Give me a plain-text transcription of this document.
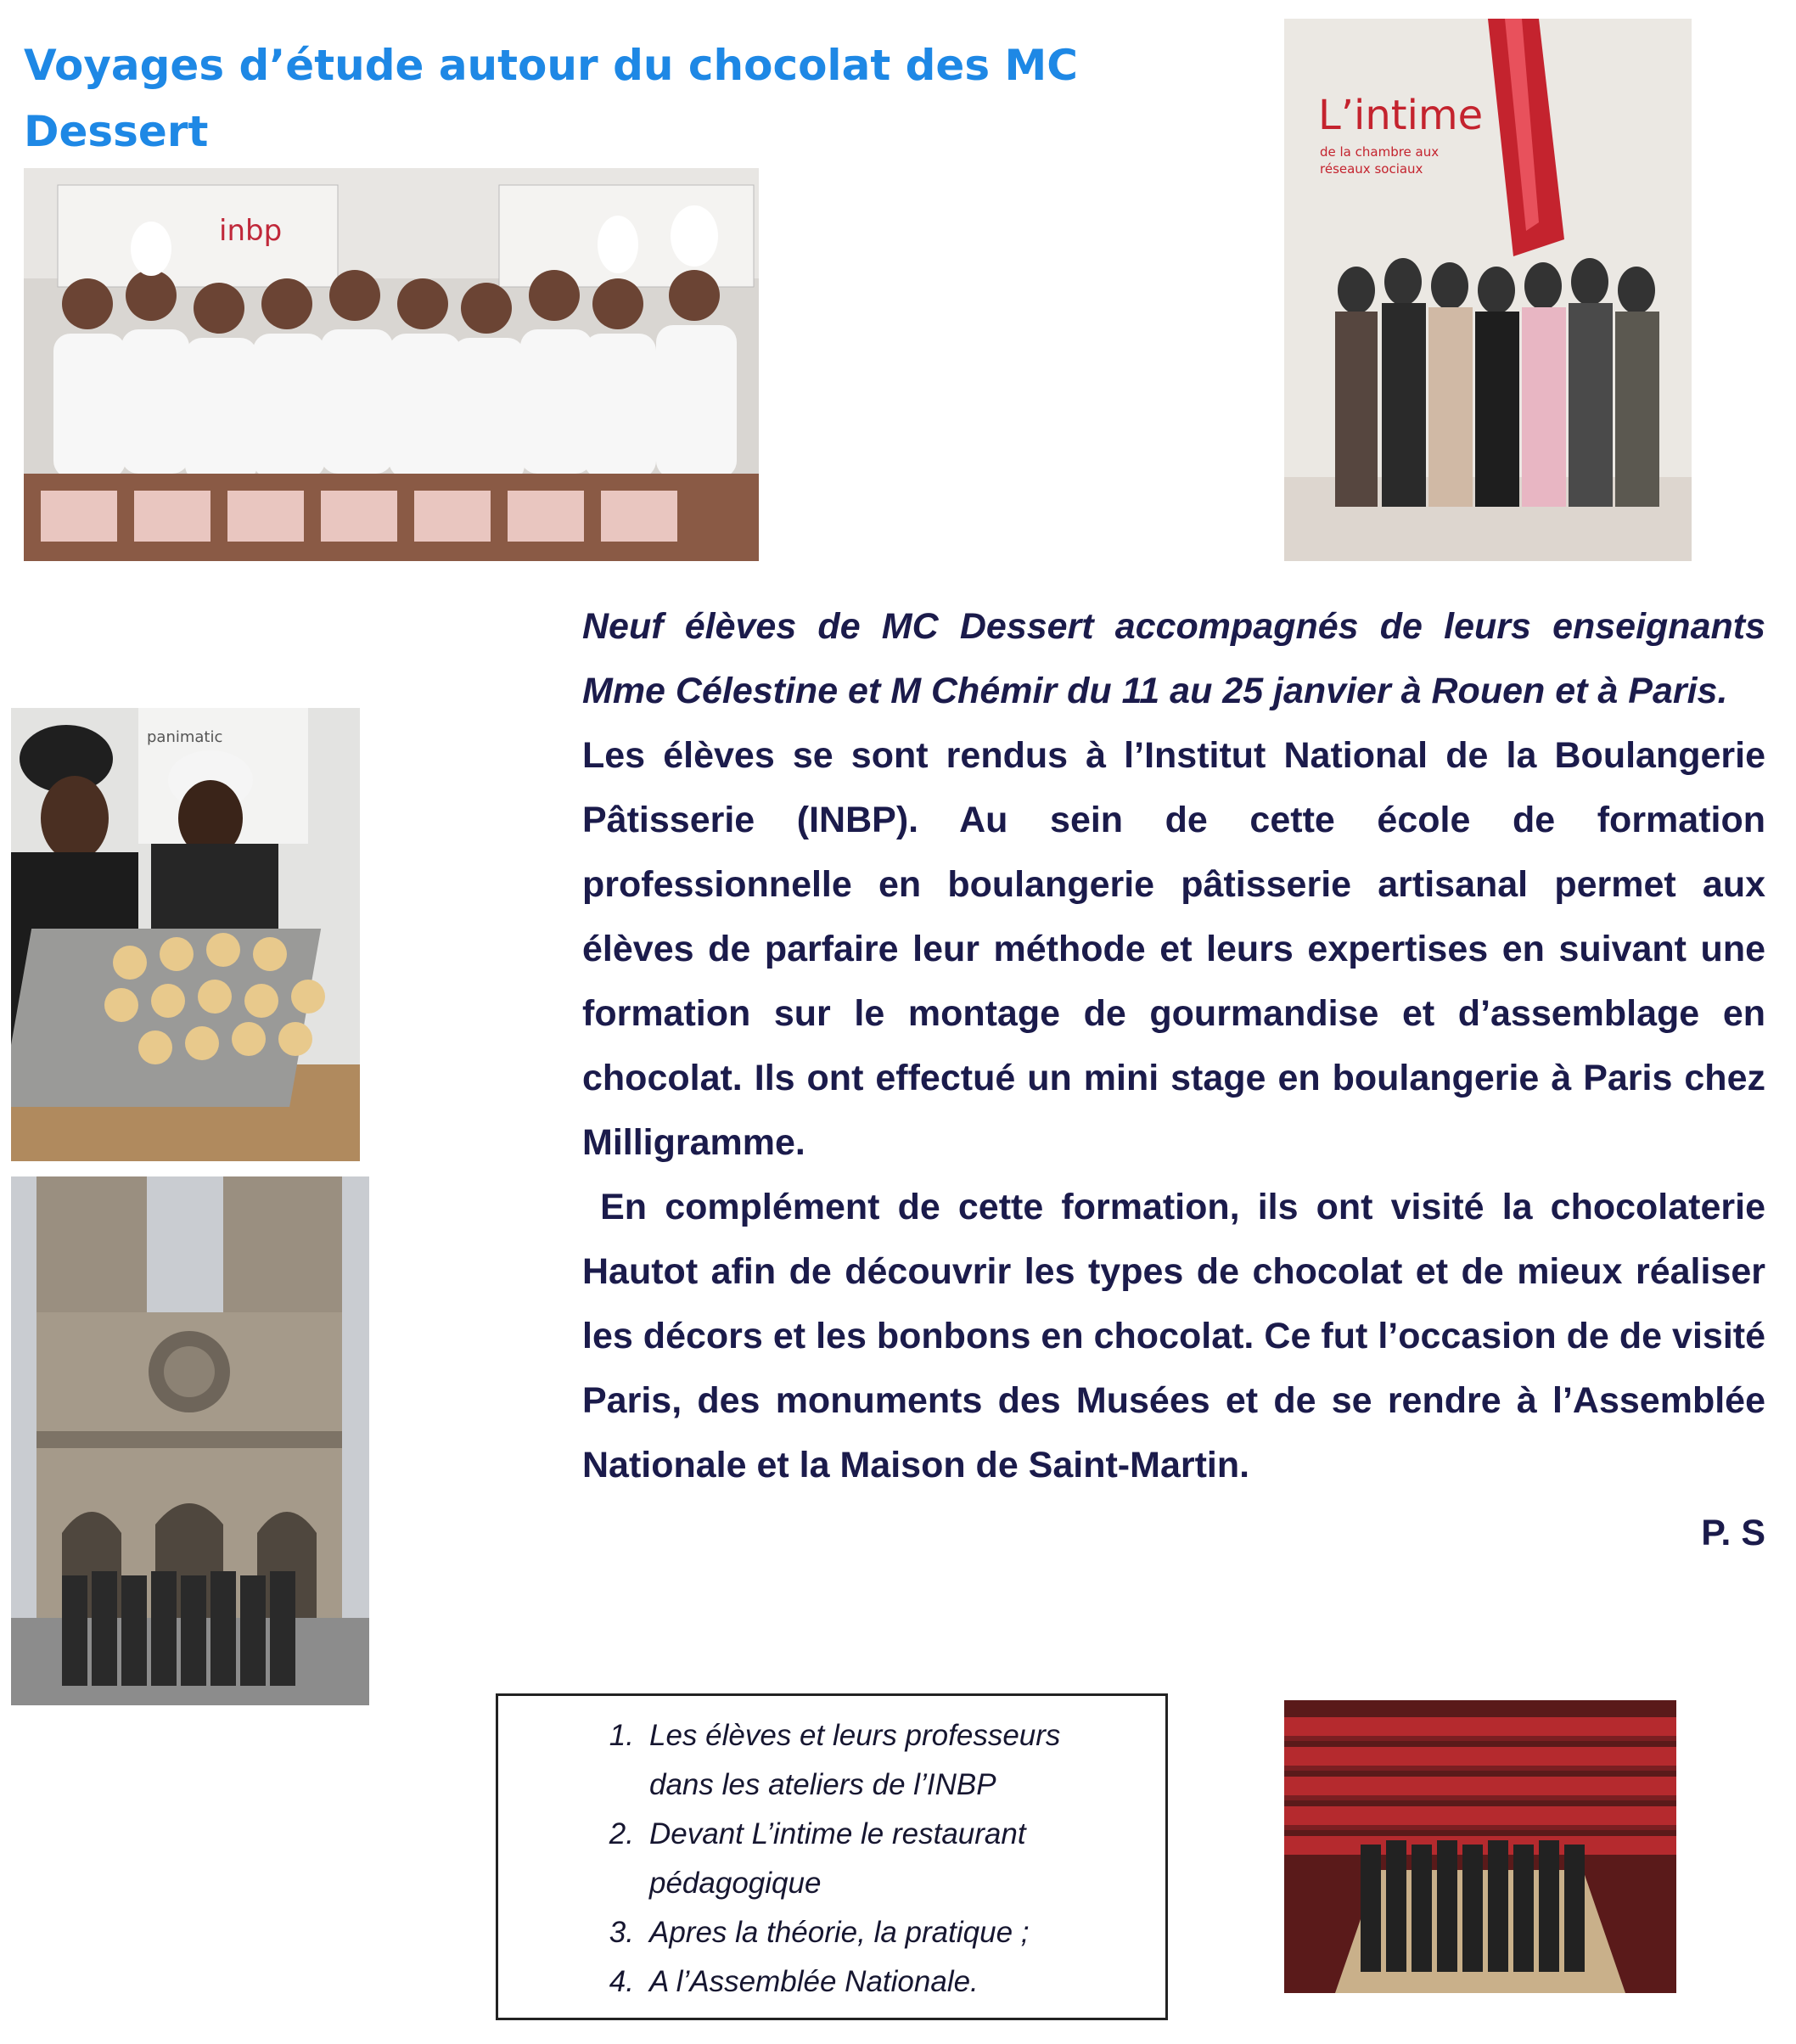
Voyages d’étude autour du chocolat des MC Dessert
inbp
L’intime
de la chambre aux
réseaux sociaux
panimatic

Neuf élèves de MC Dessert accompagnés de leurs enseignants Mme Célestine et M Chémir du 11 au 25 janvier à Rouen et à Paris.

Les élèves se sont rendus à l’Institut National de la Boulangerie Pâtisserie (INBP). Au sein de cette école de formation professionnelle en boulangerie pâtisserie artisanal permet aux élèves de parfaire leur méthode et leurs expertises en suivant une formation sur le montage de gourmandise et d’assemblage en chocolat. Ils ont effectué un mini stage en boulangerie à Paris chez Milligramme.

En complément de cette formation, ils ont visité la chocolaterie Hautot afin de découvrir les types de chocolat et de mieux réaliser les décors et les bonbons en chocolat. Ce fut l’occasion de de visité Paris, des monuments des Musées et de se rendre à l’Assemblée Nationale et la Maison de Saint-Martin.

P. S

1. Les élèves et leurs professeurs dans les ateliers de l’INBP
2. Devant L’intime le restaurant pédagogique
3. Apres la théorie, la pratique ;
4. A l’Assemblée Nationale.
